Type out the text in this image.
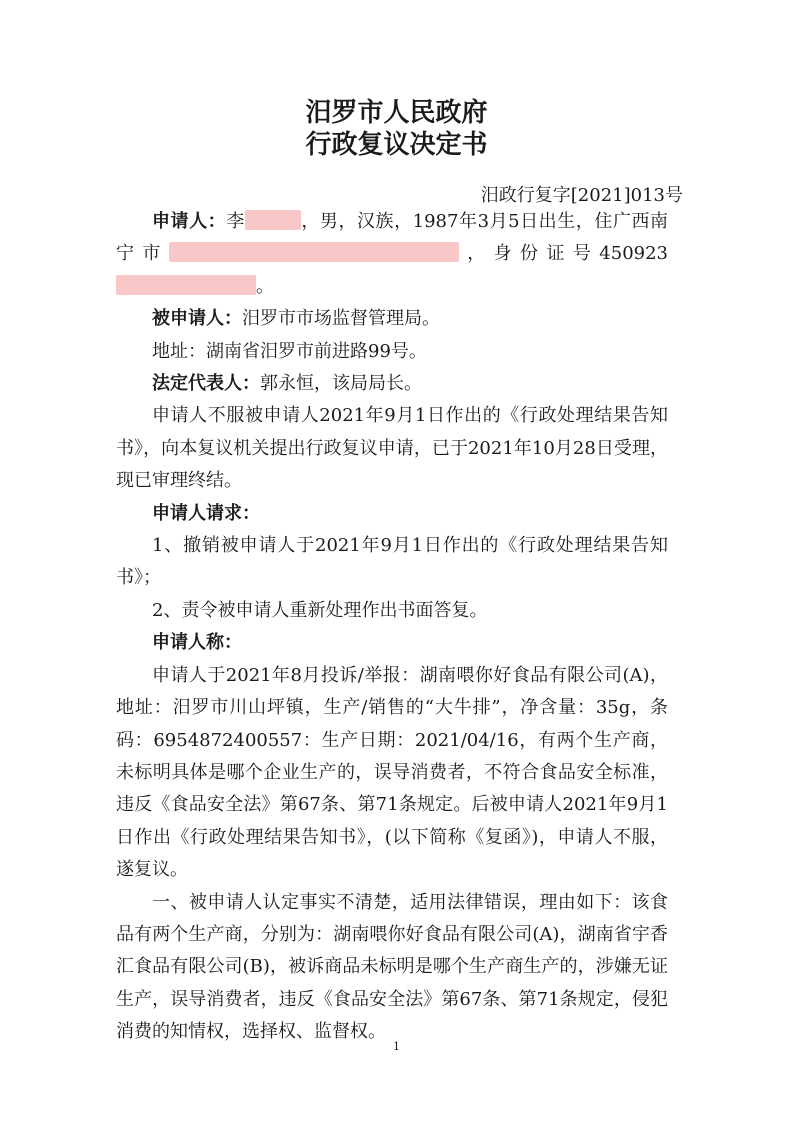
汨罗市人民政府
行政复议决定书
汨政行复字[2021]013号

申请人：李	，男，汉族，1987年3月5日出生，住广西南宁市	，身份证号450923。

被申请人：汨罗市市场监督管理局。

地址：湖南省汨罗市前进路99号。

法定代表人：郭永恒，该局局长。

申请人不服被申请人2021年9月1日作出的《行政处理结果告知书》，向本复议机关提出行政复议申请，已于2021年10月28日受理，现已审理终结。

申请人请求：

1、撤销被申请人于2021年9月1日作出的《行政处理结果告知书》；

2、责令被申请人重新处理作出书面答复。

申请人称：

申请人于2021年8月投诉/举报：湖南喂你好食品有限公司(A)，地址：汨罗市川山坪镇，生产/销售的“大牛排”，净含量：35g，条码：6954872400557：生产日期：2021/04/16，有两个生产商，未标明具体是哪个企业生产的，误导消费者，不符合食品安全标准，违反《食品安全法》第67条、第71条规定。后被申请人2021年9月1日作出《行政处理结果告知书》，(以下简称《复函》)，申请人不服，遂复议。

一、被申请人认定事实不清楚，适用法律错误，理由如下：该食品有两个生产商，分别为：湖南喂你好食品有限公司(A)，湖南省宇香汇食品有限公司(B)，被诉商品未标明是哪个生产商生产的，涉嫌无证生产，误导消费者，违反《食品安全法》第67条、第71条规定，侵犯消费的知情权，选择权、监督权。

1
